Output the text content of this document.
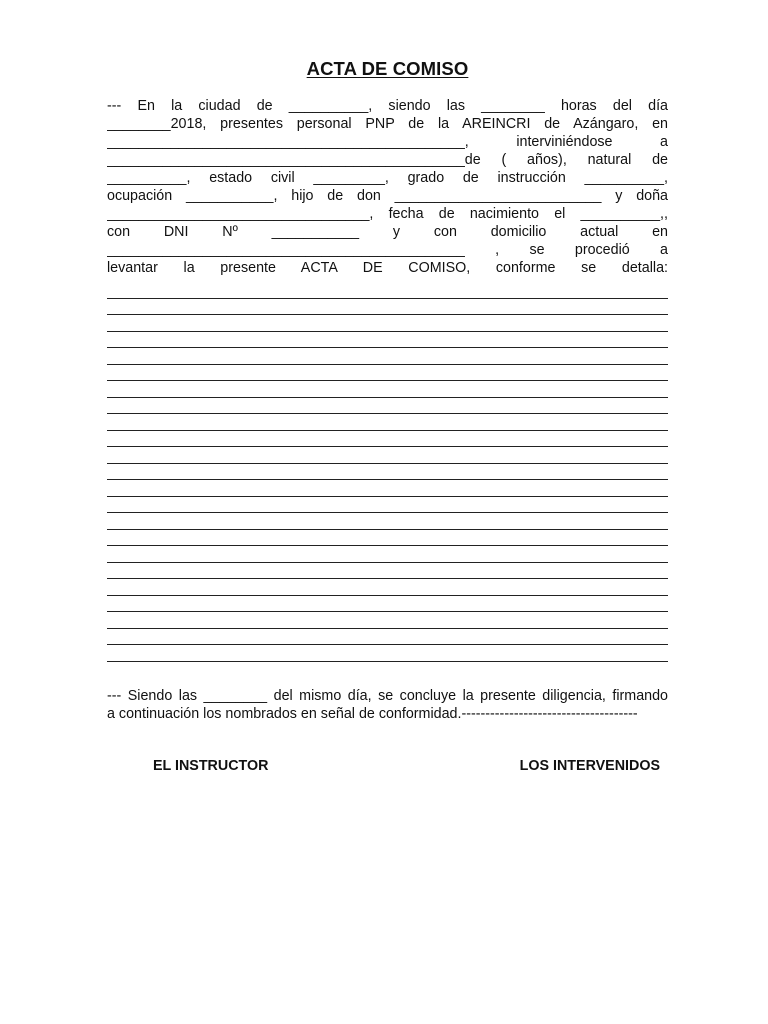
ACTA DE COMISO
--- En la ciudad de __________, siendo las ________ horas del día
________2018, presentes personal PNP de la AREINCRI de Azángaro, en
_____________________________________________, interviniéndose a
_____________________________________________de ( años), natural de
__________, estado civil _________, grado de instrucción __________,
ocupación ___________, hijo de don __________________________ y doña
_________________________________, fecha de nacimiento el __________,,
con DNI Nº ___________ y con domicilio actual en
_____________________________________________ , se procedió a
levantar la presente ACTA DE COMISO, conforme se detalla:
--- Siendo las ________ del mismo día, se concluye la presente diligencia, firmando
a continuación los nombrados en señal de conformidad.-------------------------------------
EL INSTRUCTOR	LOS INTERVENIDOS
